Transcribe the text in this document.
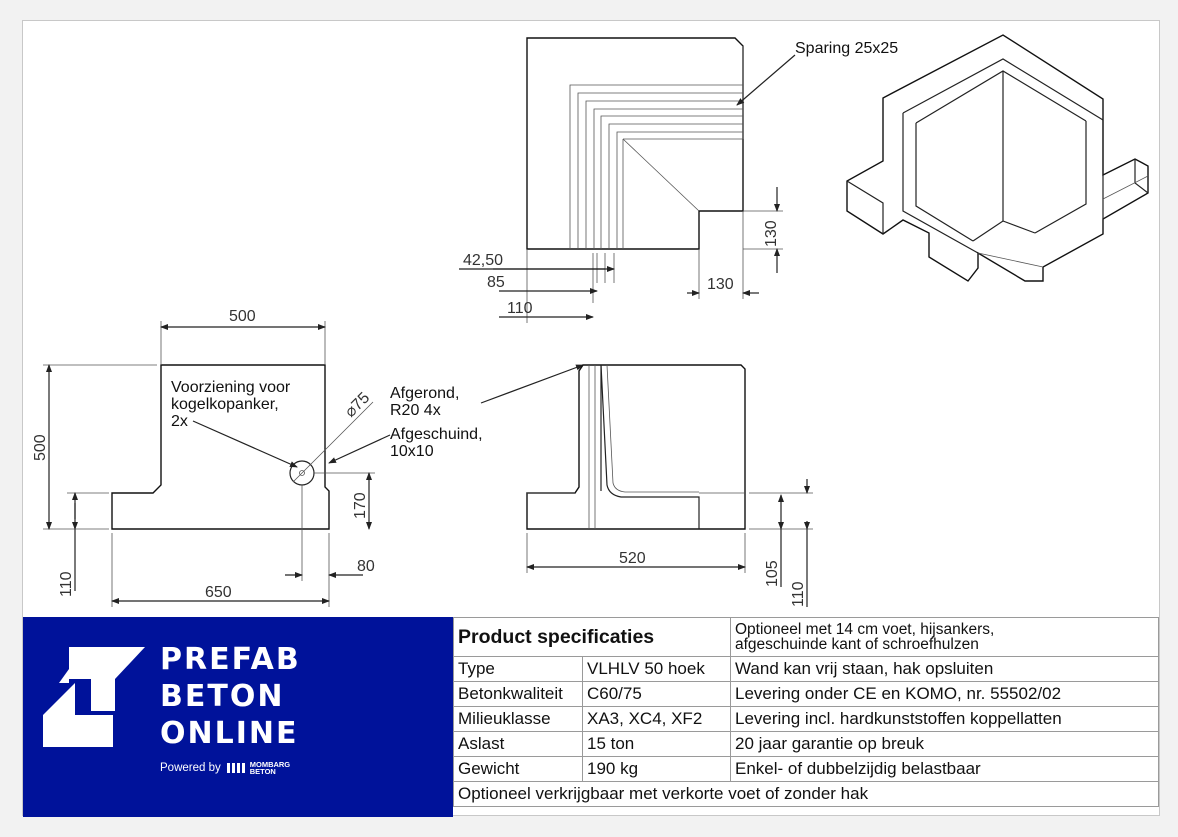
42,50
85
110
130
130
Sparing 25x25
500
500
110	650
170
80
⌀75
Voorziening voor
kogelkopanker,
2x
Afgeschuind,
10x10
Afgerond,
R20 4x
520
105
110
PREFAB
BETON
ONLINE
Powered by	MOMBARG
BETON
Product specificaties		Optioneel met 14 cm voet, hijsankers,
afgeschuinde kant of schroefhulzen

Type	VLHLV 50 hoek	Wand kan vrij staan, hak opsluiten
Betonkwaliteit	C60/75	Levering onder CE en KOMO, nr. 55502/02
Milieuklasse	XA3, XC4, XF2	Levering incl. hardkunststoffen koppellatten
Aslast	15 ton	20 jaar garantie op breuk
Gewicht	190 kg	Enkel- of dubbelzijdig belastbaar
Optioneel verkrijgbaar met verkorte voet of zonder hak		
